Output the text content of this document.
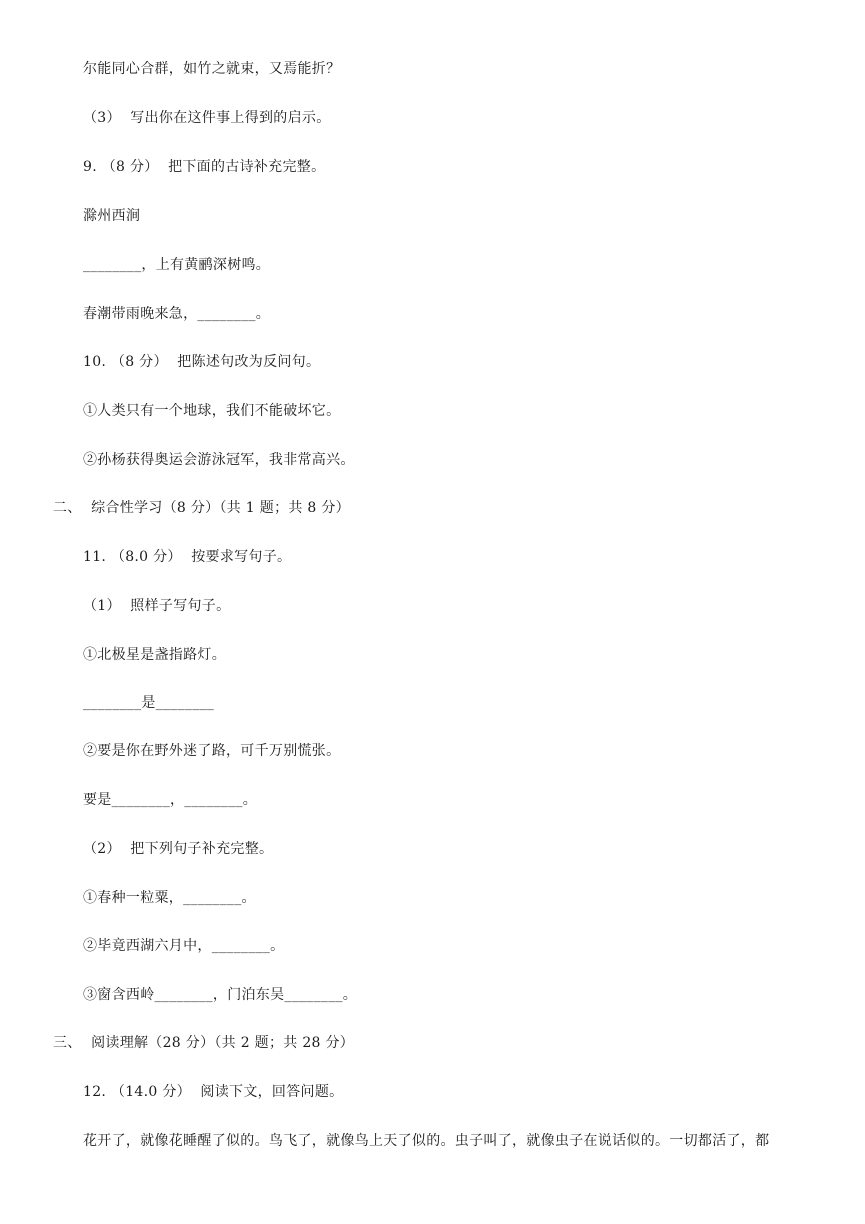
尔能同心合群，如竹之就束，又焉能折？
（3）  写出你在这件事上得到的启示。
9. （8 分）  把下面的古诗补充完整。
滁州西涧
________，上有黄鹂深树鸣。
春潮带雨晚来急，________。
10. （8 分）  把陈述句改为反问句。
①人类只有一个地球，我们不能破坏它。
②孙杨获得奥运会游泳冠军，我非常高兴。
二、  综合性学习（8 分）（共 1 题；共 8 分）
11. （8.0 分）  按要求写句子。
（1）  照样子写句子。
①北极星是盏指路灯。
________是________
②要是你在野外迷了路，可千万别慌张。
要是________，________。
（2）  把下列句子补充完整。
①春种一粒粟，________。
②毕竟西湖六月中，________。
③窗含西岭________，门泊东吴________。
三、  阅读理解（28 分）（共 2 题；共 28 分）
12. （14.0 分）  阅读下文，回答问题。
花开了，就像花睡醒了似的。鸟飞了，就像鸟上天了似的。虫子叫了，就像虫子在说话似的。一切都活了，都
